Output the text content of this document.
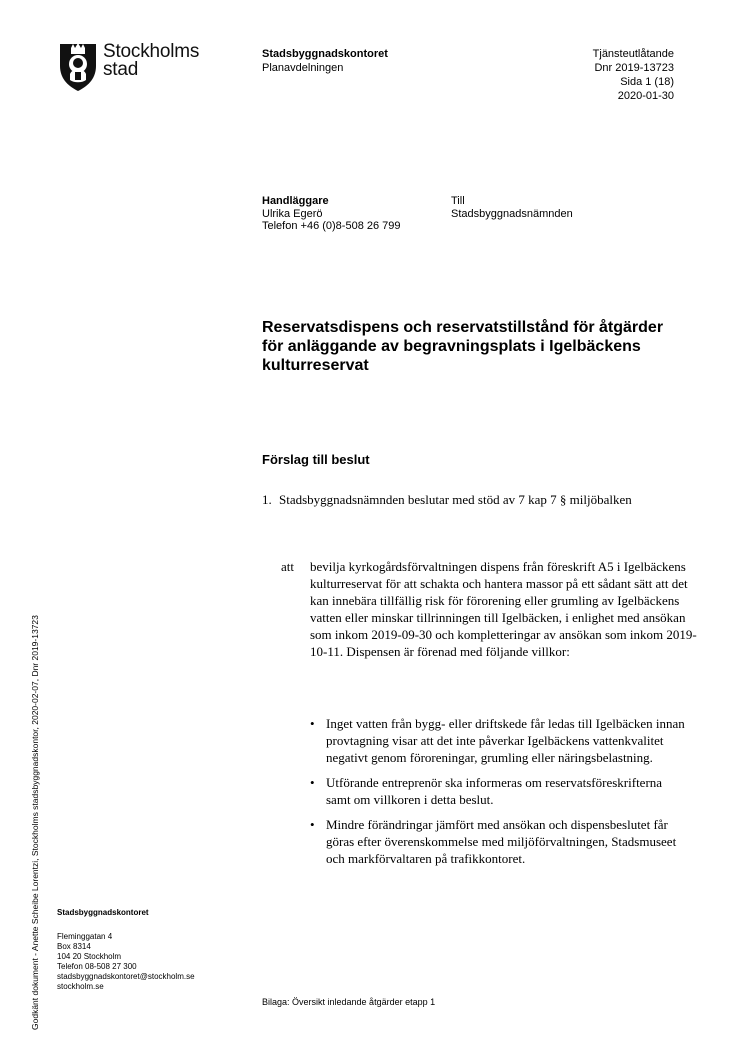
Stockholms
stad
Stadsbyggnadskontoret
Planavdelningen
Tjänsteutlåtande
Dnr 2019-13723
Sida 1 (18)
2020-01-30
Handläggare
Ulrika Egerö
Telefon +46 (0)8-508 26 799
Till
Stadsbyggnadsnämnden
Reservatsdispens och reservatstillstånd för åtgärder för anläggande av begravningsplats i Igelbäckens kulturreservat
Förslag till beslut
1. Stadsbyggnadsnämnden beslutar med stöd av 7 kap 7 § miljöbalken
att bevilja kyrkogårdsförvaltningen dispens från föreskrift A5 i Igelbäckens kulturreservat för att schakta och hantera massor på ett sådant sätt att det kan innebära tillfällig risk för förorening eller grumling av Igelbäckens vatten eller minskar tillrinningen till Igelbäcken, i enlighet med ansökan som inkom 2019-09-30 och kompletteringar av ansökan som inkom 2019-10-11. Dispensen är förenad med följande villkor:
• Inget vatten från bygg- eller driftskede får ledas till Igelbäcken innan provtagning visar att det inte påverkar Igelbäckens vattenkvalitet negativt genom föroreningar, grumling eller näringsbelastning.
• Utförande entreprenör ska informeras om reservatsföreskrifterna samt om villkoren i detta beslut.
• Mindre förändringar jämfört med ansökan och dispensbeslutet får göras efter överenskommelse med miljöförvaltningen, Stadsmuseet och markförvaltaren på trafikkontoret.
Stadsbyggnadskontoret
Fleminggatan 4
Box 8314
104 20 Stockholm
Telefon 08-508 27 300
stadsbyggnadskontoret@stockholm.se
stockholm.se
Bilaga: Översikt inledande åtgärder etapp 1
Godkänt dokument - Anette Scheibe Lorentzi, Stockholms stadsbyggnadskontor, 2020-02-07, Dnr 2019-13723
